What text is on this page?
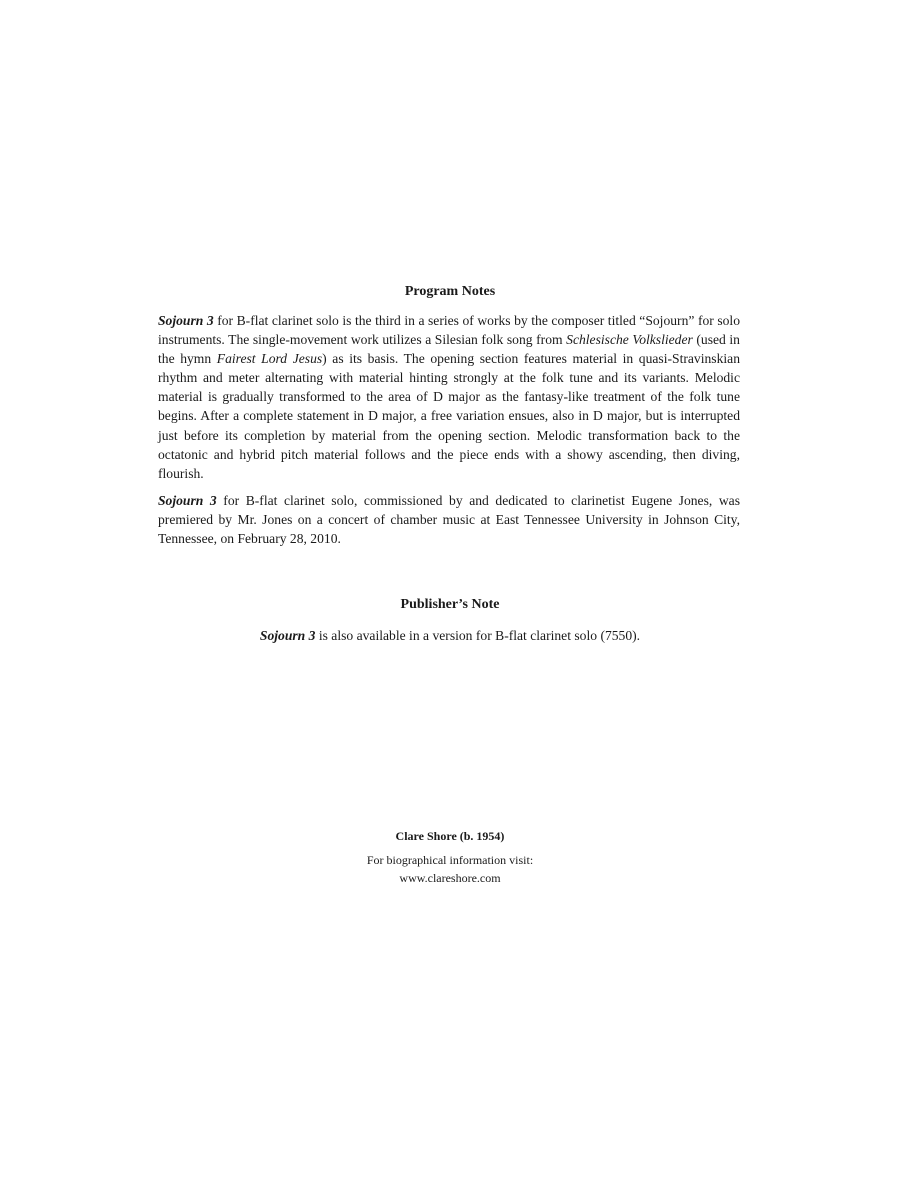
Program Notes

Sojourn 3 for B-flat clarinet solo is the third in a series of works by the composer titled “Sojourn” for solo instruments. The single-movement work utilizes a Silesian folk song from Schlesische Volkslieder (used in the hymn Fairest Lord Jesus) as its basis. The opening section features material in quasi-Stravinskian rhythm and meter alternating with material hinting strongly at the folk tune and its variants. Melodic material is gradually transformed to the area of D major as the fantasy-like treatment of the folk tune begins. After a complete statement in D major, a free variation ensues, also in D major, but is interrupted just before its completion by material from the opening section. Melodic transformation back to the octatonic and hybrid pitch material follows and the piece ends with a showy ascending, then diving, flourish.

Sojourn 3 for B-flat clarinet solo, commissioned by and dedicated to clarinetist Eugene Jones, was premiered by Mr. Jones on a concert of chamber music at East Tennessee University in Johnson City, Tennessee, on February 28, 2010.

Publisher’s Note
Sojourn 3 is also available in a version for B-flat clarinet solo (7550).
Clare Shore (b. 1954)
For biographical information visit:
www.clareshore.com
